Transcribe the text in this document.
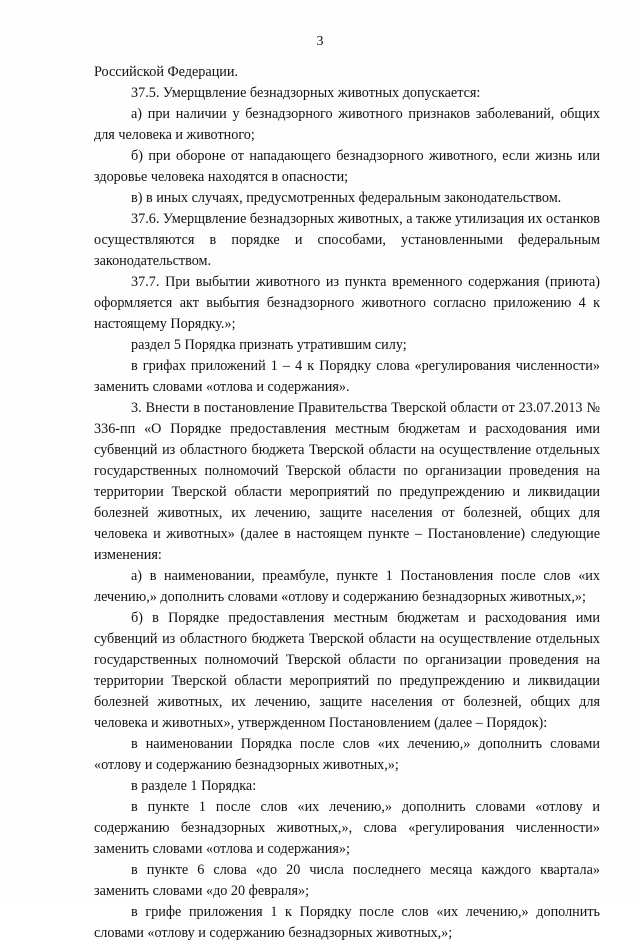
3

Российской Федерации.

37.5. Умерщвление безнадзорных животных допускается:

а) при наличии у безнадзорного животного признаков заболеваний, общих для человека и животного;

б) при обороне от нападающего безнадзорного животного, если жизнь или здоровье человека находятся в опасности;

в) в иных случаях, предусмотренных федеральным законодательством.

37.6. Умерщвление безнадзорных животных, а также утилизация их останков осуществляются в порядке и способами, установленными федеральным законодательством.

37.7. При выбытии животного из пункта временного содержания (приюта) оформляется акт выбытия безнадзорного животного согласно приложению 4 к настоящему Порядку.»;

раздел 5 Порядка признать утратившим силу;

в грифах приложений 1 – 4 к Порядку слова «регулирования численности» заменить словами «отлова и содержания».

3. Внести в постановление Правительства Тверской области от 23.07.2013 № 336-пп «О Порядке предоставления местным бюджетам и расходования ими субвенций из областного бюджета Тверской области на осуществление отдельных государственных полномочий Тверской области по организации проведения на территории Тверской области мероприятий по предупреждению и ликвидации болезней животных, их лечению, защите населения от болезней, общих для человека и животных» (далее в настоящем пункте – Постановление) следующие изменения:

а) в наименовании, преамбуле, пункте 1 Постановления после слов «их лечению,» дополнить словами «отлову и содержанию безнадзорных животных,»;

б) в Порядке предоставления местным бюджетам и расходования ими субвенций из областного бюджета Тверской области на осуществление отдельных государственных полномочий Тверской области по организации проведения на территории Тверской области мероприятий по предупреждению и ликвидации болезней животных, их лечению, защите населения от болезней, общих для человека и животных», утвержденном Постановлением (далее – Порядок):

в наименовании Порядка после слов «их лечению,» дополнить словами «отлову и содержанию безнадзорных животных,»;

в разделе 1 Порядка:

в пункте 1 после слов «их лечению,» дополнить словами «отлову и содержанию безнадзорных животных,», слова «регулирования численности» заменить словами «отлова и содержания»;

в пункте 6 слова «до 20 числа последнего месяца каждого квартала» заменить словами «до 20 февраля»;

в грифе приложения 1 к Порядку после слов «их лечению,» дополнить словами «отлову и содержанию безнадзорных животных,»;
